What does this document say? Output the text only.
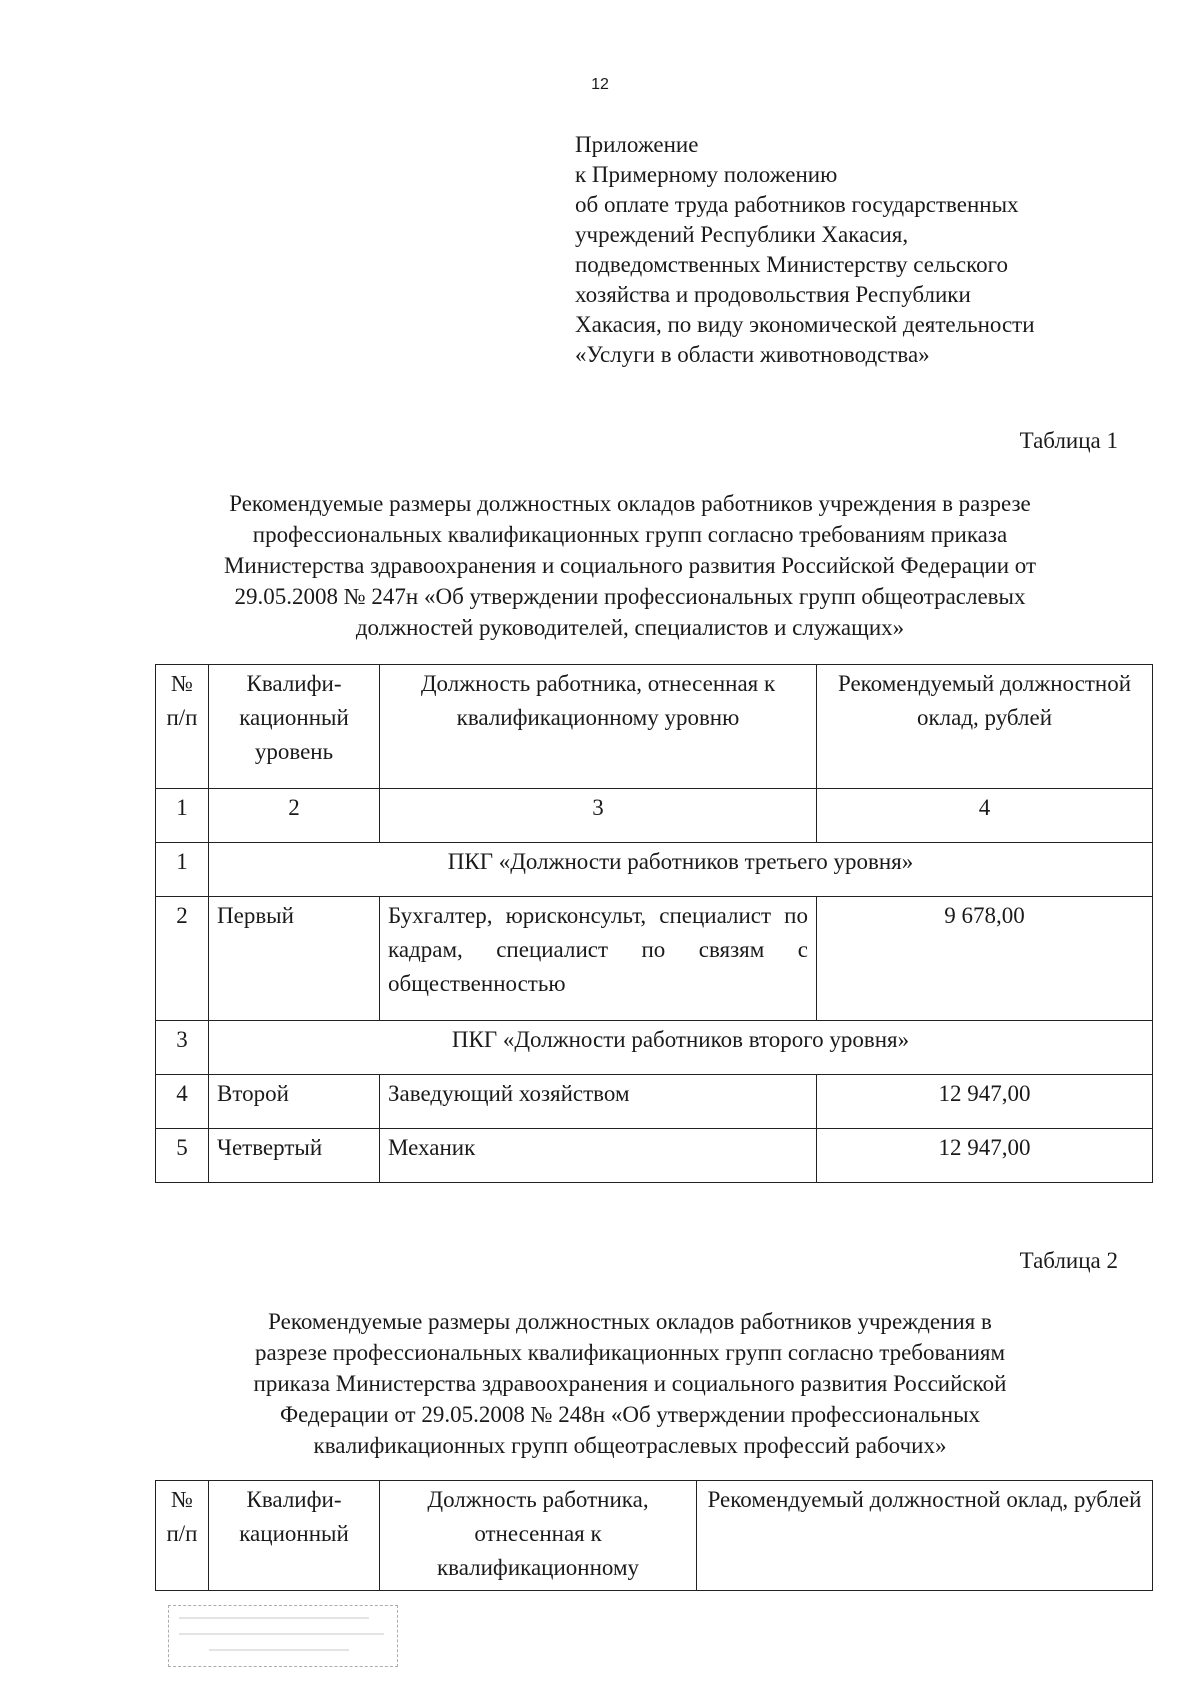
12
Приложение
к Примерному положению
об оплате труда работников государственных
учреждений Республики Хакасия,
подведомственных Министерству сельского
хозяйства и продовольствия Республики
Хакасия, по виду экономической деятельности
«Услуги в области животноводства»
Таблица 1
Рекомендуемые размеры должностных окладов работников учреждения в разрезе
профессиональных квалификационных групп согласно требованиям приказа
Министерства здравоохранения и социального развития Российской Федерации от
29.05.2008 № 247н «Об утверждении профессиональных групп общеотраслевых
должностей руководителей, специалистов и служащих»
№ п/п	Квалифи-кационный уровень	Должность работника, отнесенная к квалификационному уровню	Рекомендуемый должностной оклад, рублей
1	2	3	4
1	ПКГ «Должности работников третьего уровня»		
2	Первый	Бухгалтер, юрисконсульт, специалист по кадрам, специалист по связям с общественностью	9 678,00
3	ПКГ «Должности работников второго уровня»		
4	Второй	Заведующий хозяйством	12 947,00
5	Четвертый	Механик	12 947,00
Таблица 2
Рекомендуемые размеры должностных окладов работников учреждения в
разрезе профессиональных квалификационных групп согласно требованиям
приказа Министерства здравоохранения и социального развития Российской
Федерации от 29.05.2008 № 248н «Об утверждении профессиональных
квалификационных групп общеотраслевых профессий рабочих»
№ п/п	Квалифи-кационный	Должность работника, отнесенная к квалификационному	Рекомендуемый должностной оклад, рублей
